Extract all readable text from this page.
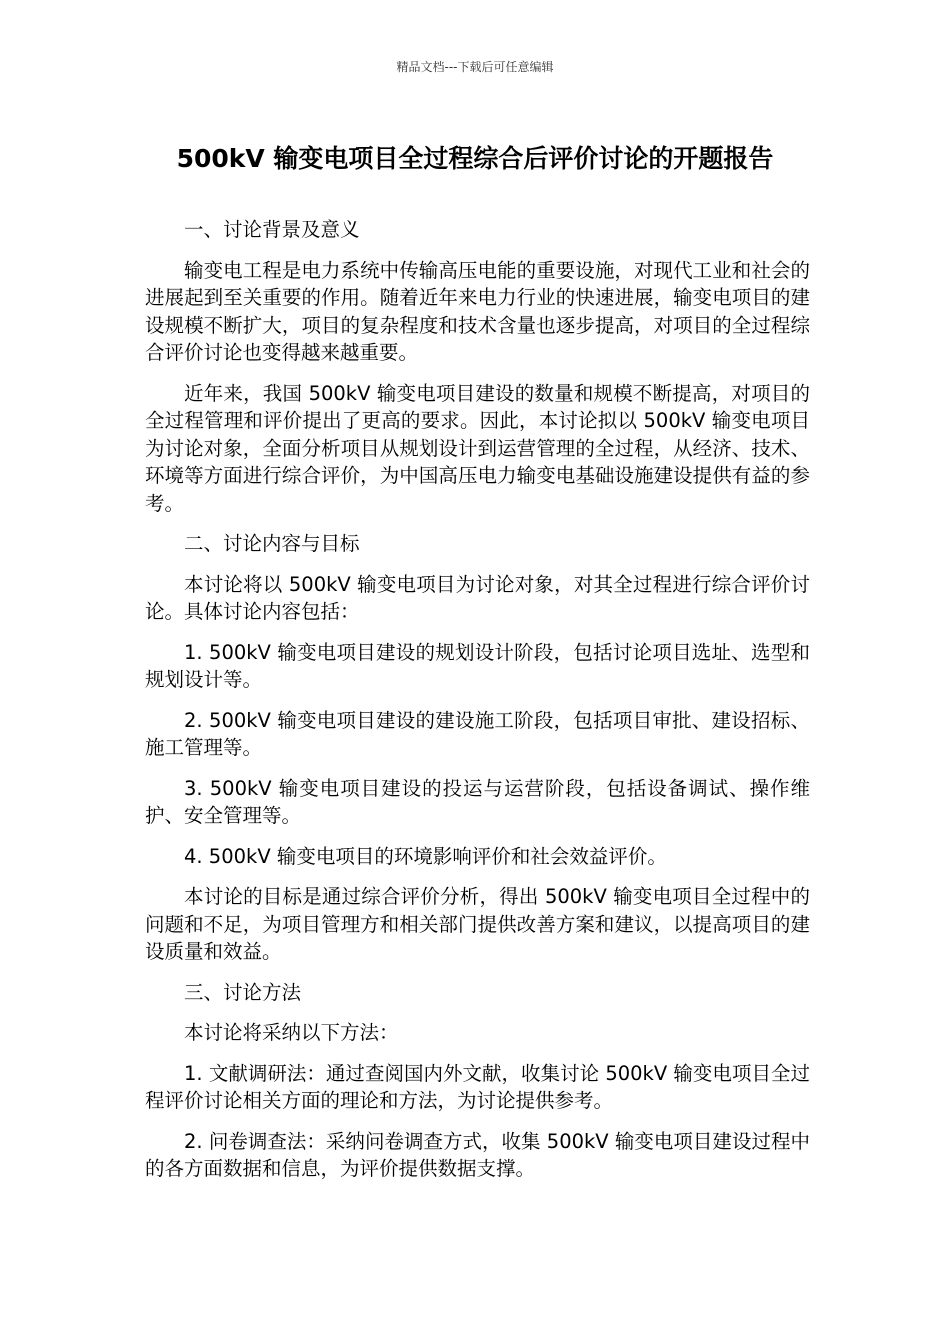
精品文档---下载后可任意编辑
500kV 输变电项目全过程综合后评价讨论的开题报告

一、讨论背景及意义

输变电工程是电力系统中传输高压电能的重要设施，对现代工业和社会的进展起到至关重要的作用。随着近年来电力行业的快速进展，输变电项目的建设规模不断扩大，项目的复杂程度和技术含量也逐步提高，对项目的全过程综合评价讨论也变得越来越重要。

近年来，我国 500kV 输变电项目建设的数量和规模不断提高，对项目的全过程管理和评价提出了更高的要求。因此，本讨论拟以 500kV 输变电项目为讨论对象，全面分析项目从规划设计到运营管理的全过程，从经济、技术、环境等方面进行综合评价，为中国高压电力输变电基础设施建设提供有益的参考。

二、讨论内容与目标

本讨论将以 500kV 输变电项目为讨论对象，对其全过程进行综合评价讨论。具体讨论内容包括：

1. 500kV 输变电项目建设的规划设计阶段，包括讨论项目选址、选型和规划设计等。

2. 500kV 输变电项目建设的建设施工阶段，包括项目审批、建设招标、施工管理等。

3. 500kV 输变电项目建设的投运与运营阶段，包括设备调试、操作维护、安全管理等。

4. 500kV 输变电项目的环境影响评价和社会效益评价。

本讨论的目标是通过综合评价分析，得出 500kV 输变电项目全过程中的问题和不足，为项目管理方和相关部门提供改善方案和建议，以提高项目的建设质量和效益。

三、讨论方法

本讨论将采纳以下方法：

1. 文献调研法：通过查阅国内外文献，收集讨论 500kV 输变电项目全过程评价讨论相关方面的理论和方法，为讨论提供参考。

2. 问卷调查法：采纳问卷调查方式，收集 500kV 输变电项目建设过程中的各方面数据和信息，为评价提供数据支撑。
